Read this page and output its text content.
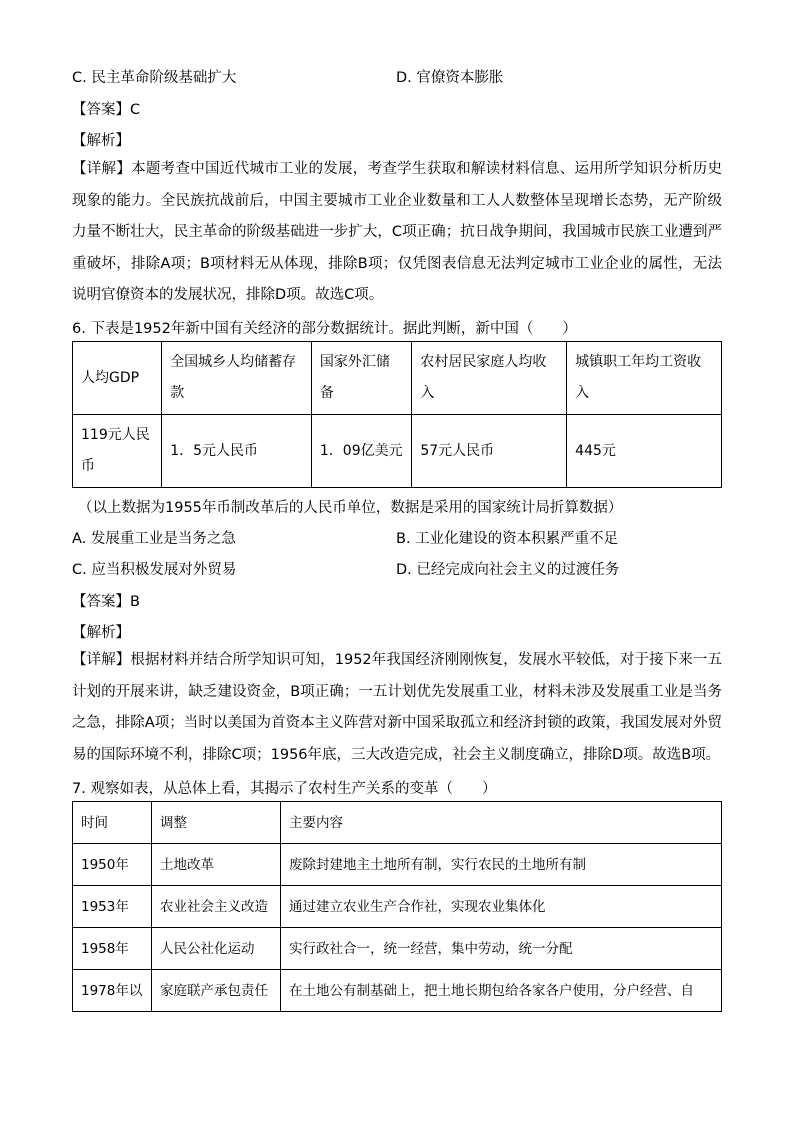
C. 民主革命阶级基础扩大	D. 官僚资本膨胀
【答案】C
【解析】
【详解】本题考查中国近代城市工业的发展，考查学生获取和解读材料信息、运用所学知识分析历史现象的能力。全民族抗战前后，中国主要城市工业企业数量和工人人数整体呈现增长态势，无产阶级力量不断壮大，民主革命的阶级基础进一步扩大，C项正确；抗日战争期间，我国城市民族工业遭到严重破坏，排除A项；B项材料无从体现，排除B项；仅凭图表信息无法判定城市工业企业的属性，无法说明官僚资本的发展状况，排除D项。故选C项。
6. 下表是1952年新中国有关经济的部分数据统计。据此判断，新中国（　　）
人均GDP	全国城乡人均储蓄存款	国家外汇储备	农村居民家庭人均收入	城镇职工年均工资收入
119元人民币	1．5元人民币	1．09亿美元	57元人民币	445元
（以上数据为1955年币制改革后的人民币单位，数据是采用的国家统计局折算数据）
A. 发展重工业是当务之急	B. 工业化建设的资本积累严重不足
C. 应当积极发展对外贸易	D. 已经完成向社会主义的过渡任务
【答案】B
【解析】
【详解】根据材料并结合所学知识可知，1952年我国经济刚刚恢复，发展水平较低，对于接下来一五计划的开展来讲，缺乏建设资金，B项正确；一五计划优先发展重工业，材料未涉及发展重工业是当务之急，排除A项；当时以美国为首资本主义阵营对新中国采取孤立和经济封锁的政策，我国发展对外贸易的国际环境不利，排除C项；1956年底，三大改造完成，社会主义制度确立，排除D项。故选B项。
7. 观察如表，从总体上看，其揭示了农村生产关系的变革（　　）
时间	调整	主要内容
1950年	土地改革	废除封建地主土地所有制，实行农民的土地所有制
1953年	农业社会主义改造	通过建立农业生产合作社，实现农业集体化
1958年	人民公社化运动	实行政社合一，统一经营，集中劳动，统一分配
1978年以	家庭联产承包责任	在土地公有制基础上，把土地长期包给各家各户使用，分户经营、自
